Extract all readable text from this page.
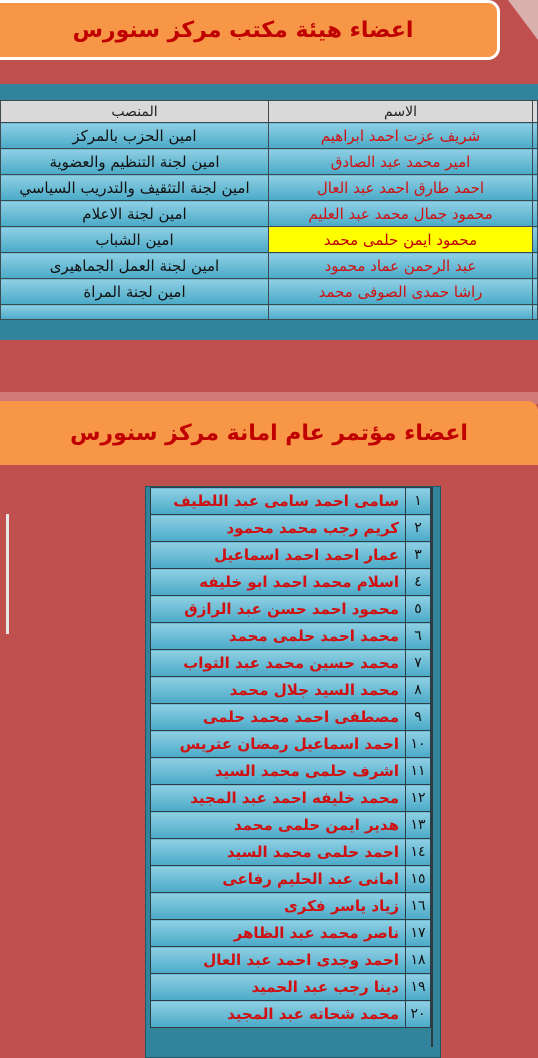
اعضاء هيئة مكتب مركز سنورس
	الاسم	المنصب
	شريف عزت احمد ابراهيم	امين الحزب بالمركز
	امير محمد عبد الصادق	امين لجنة التنظيم والعضوية
	احمد طارق احمد عبد العال	امين لجنة التثقيف والتدريب السياسي
	محمود جمال محمد عبد العليم	امين لجنة الاعلام
	محمود ايمن حلمى محمد	امين الشباب
	عبد الرحمن عماد محمود	امين لجنة العمل الجماهيرى
	راشا حمدى الصوفى محمد	امين لجنة المراة

اعضاء مؤتمر عام امانة مركز سنورس
١	سامى احمد سامى عبد اللطيف
٢	كريم رجب محمد محمود
٣	عمار احمد احمد اسماعيل
٤	اسلام محمد احمد ابو خليفه
٥	محمود احمد حسن عبد الرازق
٦	محمد احمد حلمى محمد
٧	محمد حسين محمد عبد التواب
٨	محمد السيد جلال محمد
٩	مصطفى احمد محمد حلمى
١٠	احمد اسماعيل رمضان عتريس
١١	اشرف حلمى محمد السيد
١٢	محمد خليفه احمد عبد المجيد
١٣	هدير ايمن حلمى محمد
١٤	احمد حلمى محمد السيد
١٥	امانى عبد الحليم رفاعى
١٦	زياد ياسر فكرى
١٧	ناصر محمد عبد الظاهر
١٨	احمد وجدى احمد عبد العال
١٩	دينا رجب عبد الحميد
٢٠	محمد شحاته عبد المجيد
